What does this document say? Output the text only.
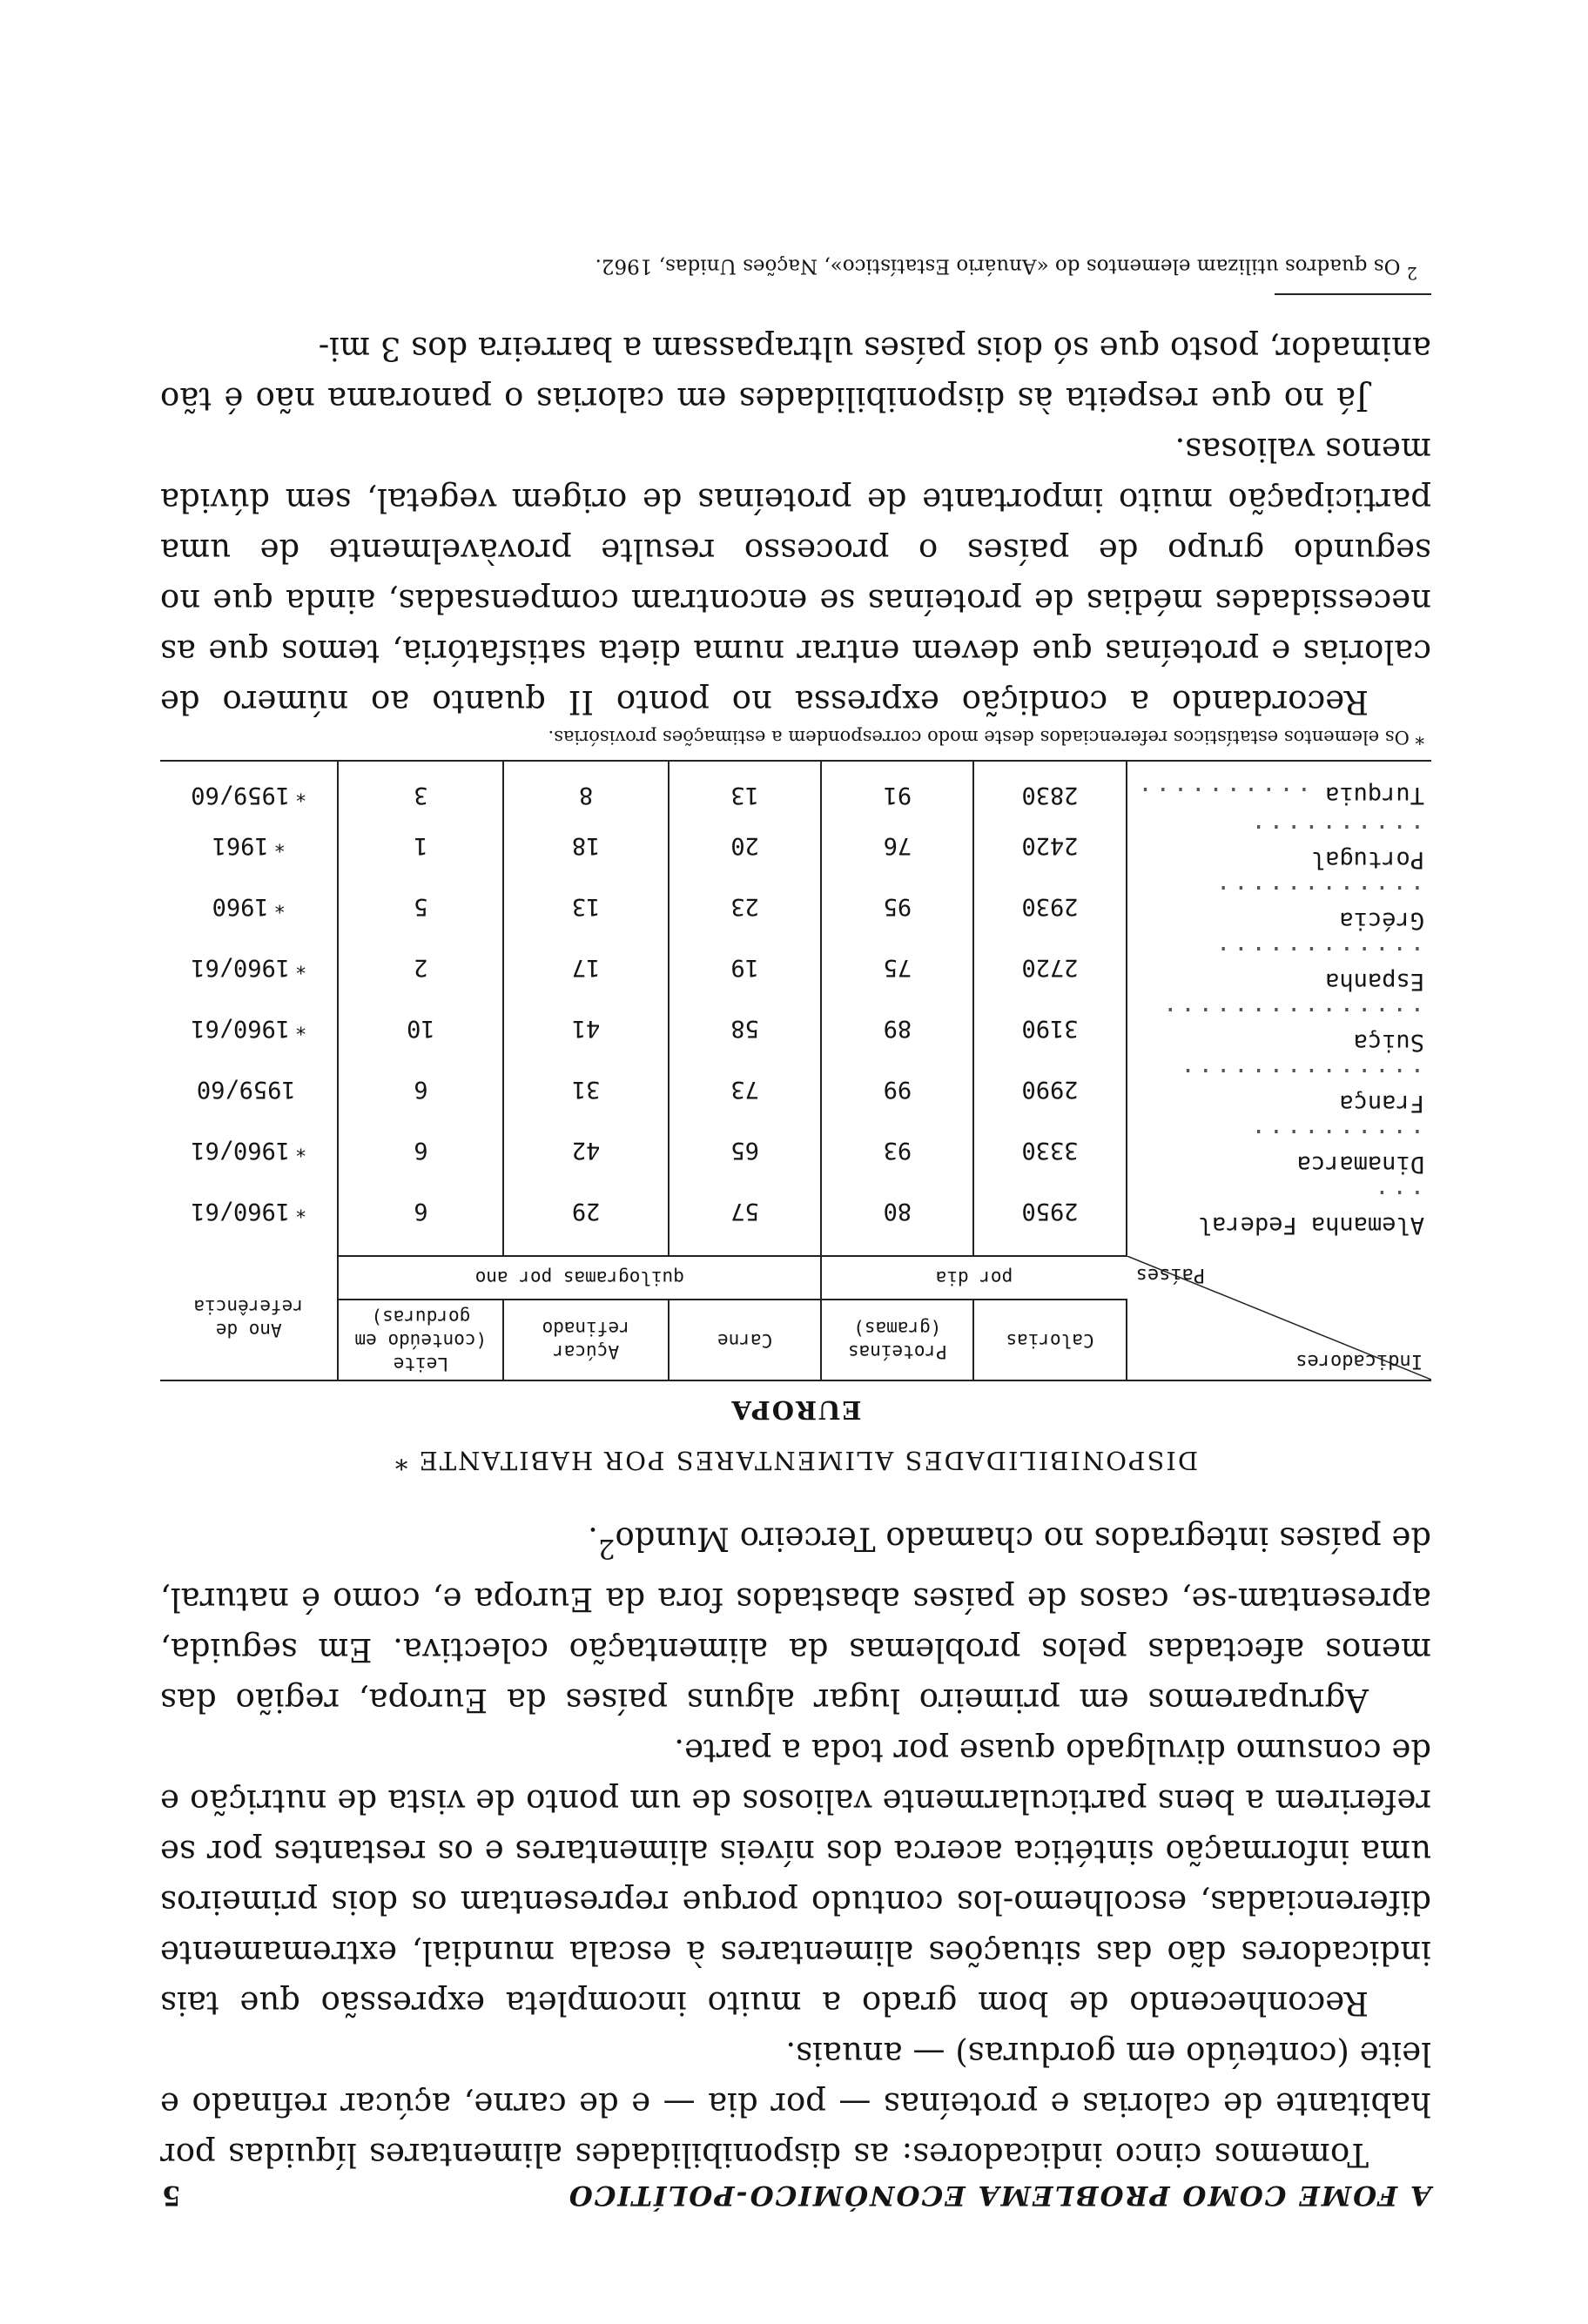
A FOME COMO PROBLEMA ECONÓMICO-POLÍTICO
5

Tomemos cinco indicadores: as disponibilidades alimentares líquidas por habitante de calorias e proteínas — por dia — e de carne, açúcar refinado e leite (conteúdo em gorduras) — anuais.

Reconhecendo de bom grado a muito incompleta expressão que tais indicadores dão das situações alimentares à escala mundial, extremamente diferenciadas, escolhemo-los contudo porque representam os dois primeiros uma informação sintética acerca dos níveis alimentares e os restantes por se referirem a bens particularmente valiosos de um ponto de vista de nutrição e de consumo divulgado quase por toda a parte.

Agruparemos em primeiro lugar alguns países da Europa, região das menos afectadas pelos problemas da alimentação colectiva. Em seguida, apresentam-se, casos de países abastados fora da Europa e, como é natural, de países integrados no chamado Terceiro Mundo$^2$.

DISPONIBILIDADES ALIMENTARES POR HABITANTE *
EUROPA
Indicadores
Países	Calorias	Proteínas (gramas)	Carne	Açúcar refinado	Leite (conteúdo em gorduras)	Ano de referência
	por dia		quilogramas por ano			
Alemanha Federal ...	2950	80	57	29	6	*1960/61
Dinamarca ..........	3330	93	65	42	6	*1960/61
França ..............	2990	99	73	31	6	1959/60
Suiça ...............	3190	89	58	41	10	*1960/61
Espanha ............	2720	75	19	17	2	*1960/61
Grécia ............	2930	95	23	13	5	*1960
Portugal ..........	2420	76	20	18	1	*1961
Turquia ..........	2830	91	13	8	3	*1959/60
* Os elementos estatísticos referenciados deste modo correspondem a estimações provisórias.

Recordando a condição expressa no ponto II quanto ao número de calorias e proteínas que devem entrar numa dieta satisfatória, temos que as necessidades médias de proteínas se encontram compensadas, ainda que no segundo grupo de países o processo resulte provàvelmente de uma participação muito importante de proteínas de origem vegetal, sem dúvida menos valiosas.

Já no que respeita às disponibilidades em calorias o panorama não é tão animador, posto que só dois países ultrapassam a barreira dos 3 mi-

$^2$ Os quadros utilizam elementos do «Anuário Estatístico», Nações Unidas, 1962.
